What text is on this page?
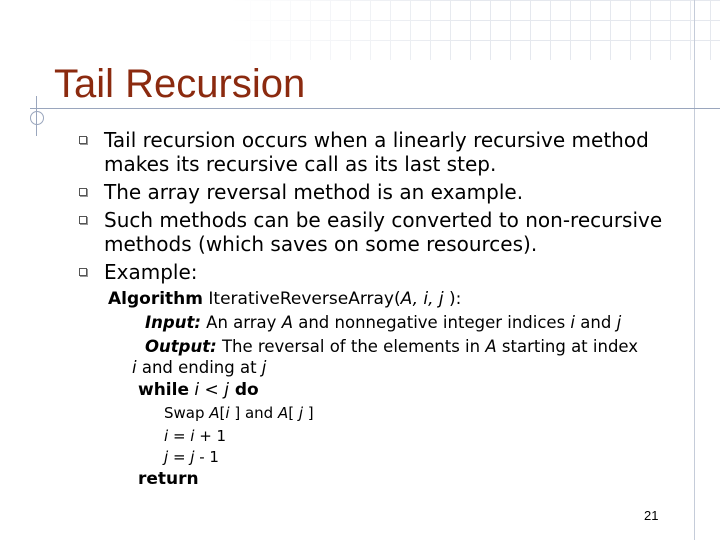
Tail Recursion
Tail recursion occurs when a linearly recursive method makes its recursive call as its last step.
The array reversal method is an example.
Such methods can be easily converted to non-recursive methods (which saves on some resources).
Example:
Algorithm IterativeReverseArray(A, i, j ):
Input: An array A and nonnegative integer indices i and j
Output: The reversal of the elements in A starting at index
i and ending at j
while i < j do
Swap A[i ] and A[ j ]
i = i + 1
j = j - 1
return
21
